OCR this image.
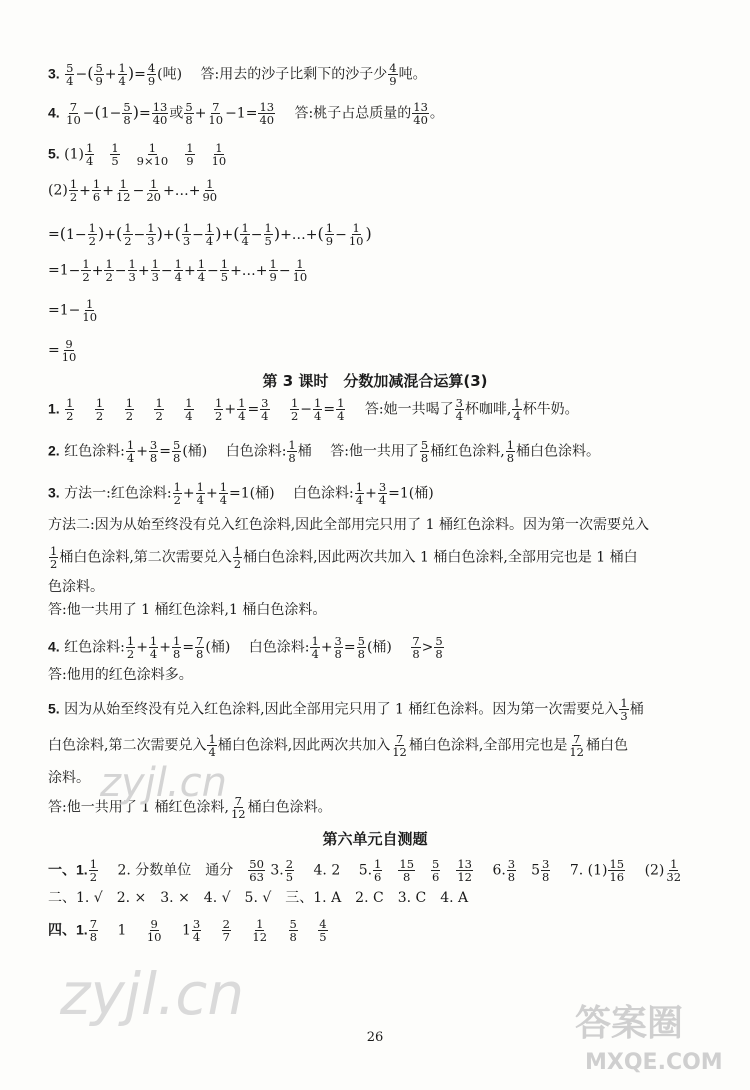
3. $\frac{5}{4}$ −( $\frac{5}{9} + \frac{1}{4}$ )= $\frac{4}{9}$ (吨) 答:用去的沙子比剩下的沙子少 $\frac{4}{9}$ 吨。
4. $\frac{7}{10} -(1- \frac{5}{8}$ )= $\frac{13}{40}$ 或 $\frac{5}{8} + \frac{7}{10} -1= \frac{13}{40}$ 答:桃子占总质量的 $\frac{13}{40}$ 。
5. $(1) \frac{1}{4} \frac{1}{5} \frac{1}{9\times 10} \frac{1}{9} \frac{1}{10}$
$(2) \frac{1}{2} + \frac{1}{6} + \frac{1}{12} - \frac{1}{20}$ +…+ $\frac{1}{90}$
$=(1- \frac{1}{2}$ )+( $\frac{1}{2} - \frac{1}{3}$ )+( $\frac{1}{3} - \frac{1}{4}$ )+( $\frac{1}{4} - \frac{1}{5}$ )+…+( $\frac{1}{9} - \frac{1}{10}$ )
$=1- \frac{1}{2} + \frac{1}{2} - \frac{1}{3} + \frac{1}{3} - \frac{1}{4} + \frac{1}{4} - \frac{1}{5}$ +…+ $\frac{1}{9} - \frac{1}{10}$
$=1- \frac{1}{10}$
= $\frac{9}{10}$
第 3 课时　分数加减混合运算(3)
1. $\frac{1}{2}$
$\frac{1}{2}$
$\frac{1}{2}$
$\frac{1}{2}$
$\frac{1}{4}$
$\frac{1}{2} + \frac{1}{4} = \frac{3}{4}$
$\frac{1}{2} - \frac{1}{4} = \frac{1}{4}$ 答:她一共喝了 $\frac{3}{4}$ 杯咖啡, $\frac{1}{4}$ 杯牛奶。
2. 红色涂料: $\frac{1}{4} + \frac{3}{8} = \frac{5}{8}$ (桶) 白色涂料: $\frac{1}{8}$ 桶 答:他一共用了 $\frac{5}{8}$ 桶红色涂料, $\frac{1}{8}$ 桶白色涂料。
3. 方法一:红色涂料: $\frac{1}{2} + \frac{1}{4} + \frac{1}{4} =1$(桶) 白色涂料: $\frac{1}{4} + \frac{3}{4} =1$(桶)
方法二:因为从始至终没有兑入红色涂料,因此全部用完只用了 1 桶红色涂料。因为第一次需要兑入
$\frac{1}{2}$ 桶白色涂料,第二次需要兑入 $\frac{1}{2}$ 桶白色涂料,因此两次共加入 1 桶白色涂料,全部用完也是 1 桶白
色涂料。
答:他一共用了 1 桶红色涂料,1 桶白色涂料。
4. 红色涂料: $\frac{1}{2} + \frac{1}{4} + \frac{1}{8} = \frac{7}{8}$ (桶) 白色涂料: $\frac{1}{4} + \frac{3}{8} = \frac{5}{8}$ (桶) $\frac{7}{8} > \frac{5}{8}$
答:他用的红色涂料多。
5. 因为从始至终没有兑入红色涂料,因此全部用完只用了 1 桶红色涂料。因为第一次需要兑入 $\frac{1}{3}$ 桶
白色涂料,第二次需要兑入 $\frac{1}{4}$ 桶白色涂料,因此两次共加入 $\frac{7}{12}$ 桶白色涂料,全部用完也是 $\frac{7}{12}$ 桶白色
涂料。
答:他一共用了 1 桶红色涂料, $\frac{7}{12}$ 桶白色涂料。
第六单元自测题
一、1. $\frac{1}{2} 2$. 分数单位　通分 $\frac{50}{63} 3$. $\frac{2}{5} 4$. 2 5. $\frac{1}{6} \frac{15}{8} \frac{5}{6} \frac{13}{12} 6$. $\frac{3}{8} 5 \frac{3}{8} 7$. $(1) \frac{15}{16} (2) \frac{1}{32}$
二、1. √　2. ×　3. ×　4. √　5. √　三、1. A　2. C　3. C　4. A
四、1. $\frac{7}{8} 1 \frac{9}{10} 1 \frac{3}{4}$
$\frac{2}{7}$
$\frac{1}{12}$
$\frac{5}{8}$
$\frac{4}{5}$
26
zyjl.cn
zyjl.cn	答案圈
MXQE.COM
